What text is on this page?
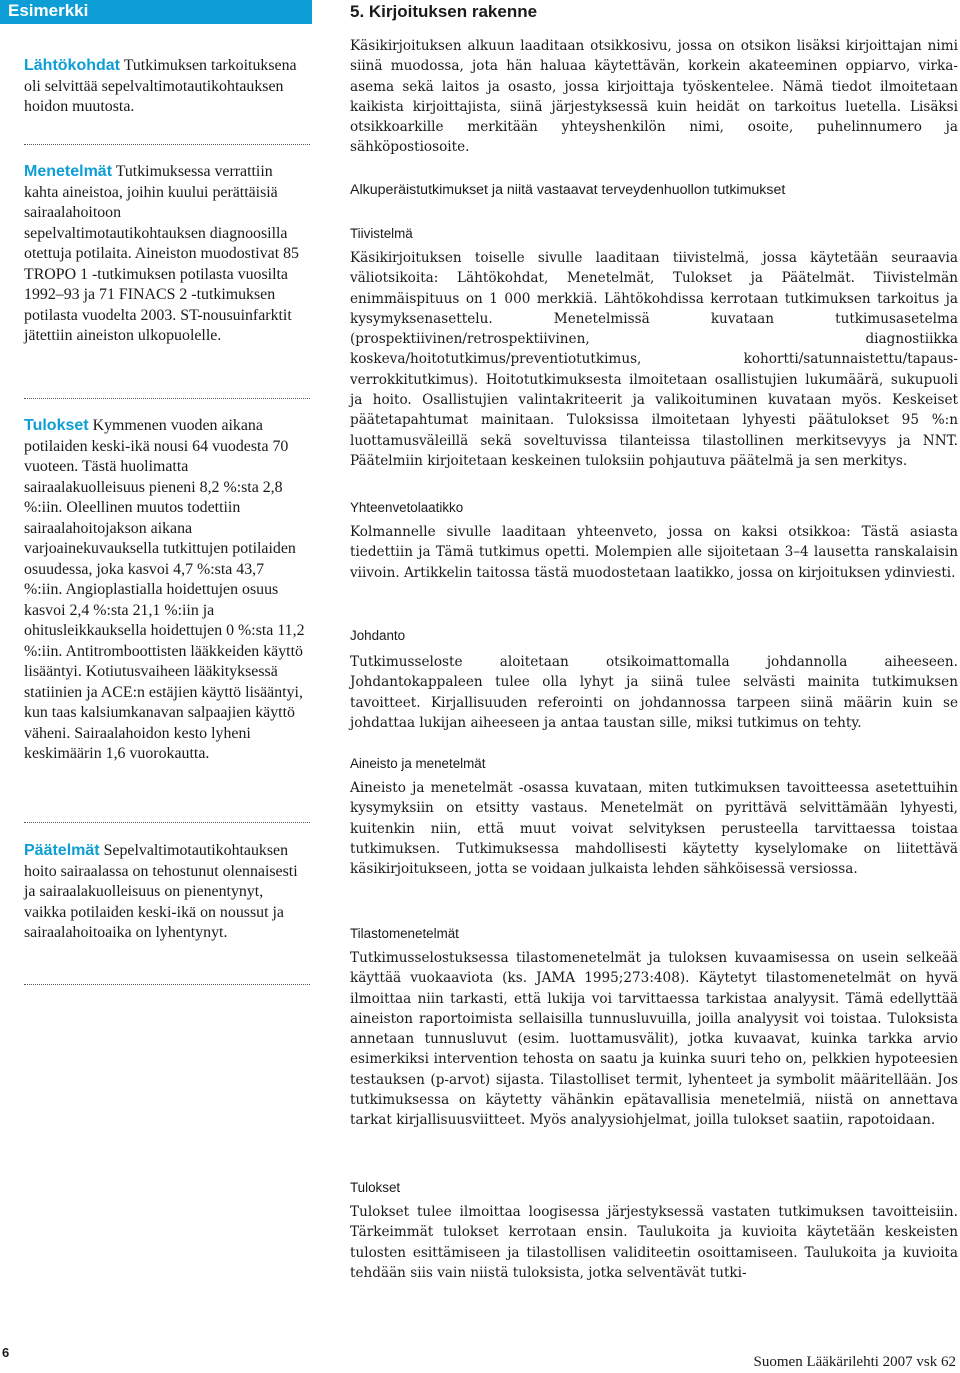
Esimerkki

Lähtökohdat Tutkimuksen tarkoituksena oli selvittää sepelvaltimotautikohtauksen hoidon muutosta.

Menetelmät Tutkimuksessa verrattiin kahta aineistoa, joihin kuului perättäisiä sairaalahoitoon sepelvaltimotautikohtauksen diagnoosilla otettuja potilaita. Aineiston muodostivat 85 TROPO 1 -tutkimuksen potilasta vuosilta 1992–93 ja 71 FINACS 2 -tutkimuksen potilasta vuodelta 2003. ST-nousuinfarktit jätettiin aineiston ulkopuolelle.

Tulokset Kymmenen vuoden aikana potilaiden keski-ikä nousi 64 vuodesta 70 vuoteen. Tästä huolimatta sairaalakuolleisuus pieneni 8,2 %:sta 2,8 %:iin. Oleellinen muutos todettiin sairaalahoitojakson aikana varjoainekuvauksella tutkittujen potilaiden osuudessa, joka kasvoi 4,7 %:sta 43,7 %:iin. Angioplastialla hoidettujen osuus kasvoi 2,4 %:sta 21,1 %:iin ja ohitusleikkauksella hoidettujen 0 %:sta 11,2 %:iin. Antitromboottisten lääkkeiden käyttö lisääntyi. Kotiutusvaiheen lääkityksessä statiinien ja ACE:n estäjien käyttö lisääntyi, kun taas kalsiumkanavan salpaajien käyttö väheni. Sairaalahoidon kesto lyheni keskimäärin 1,6 vuorokautta.

Päätelmät Sepelvaltimotautikohtauksen hoito sairaalassa on tehostunut olennaisesti ja sairaalakuolleisuus on pienentynyt, vaikka potilaiden keski-ikä on noussut ja sairaalahoitoaika on lyhentynyt.

5. Kirjoituksen rakenne

Käsikirjoituksen alkuun laaditaan otsikkosivu, jossa on otsikon lisäksi kirjoittajan nimi siinä muodossa, jota hän haluaa käytettävän, korkein akateeminen oppiarvo, virka-asema sekä laitos ja osasto, jossa kirjoittaja työskentelee. Nämä tiedot ilmoitetaan kaikista kirjoittajista, siinä järjestyksessä kuin heidät on tarkoitus luetella. Lisäksi otsikkoarkille merkitään yhteyshenkilön nimi, osoite, puhelinnumero ja sähköpostiosoite.

Alkuperäistutkimukset ja niitä vastaavat terveydenhuollon tutkimukset
Tiivistelmä

Käsikirjoituksen toiselle sivulle laaditaan tiivistelmä, jossa käytetään seuraavia väliotsikoita: Lähtökohdat, Menetelmät, Tulokset ja Päätelmät. Tiivistelmän enimmäispituus on 1 000 merkkiä. Lähtökohdissa kerrotaan tutkimuksen tarkoitus ja kysymyksenasettelu. Menetelmissä kuvataan tutkimusasetelma (prospektiivinen/retrospektiivinen, diagnostiikka koskeva/hoitotutkimus/preventiotutkimus, kohortti/satunnaistettu/tapaus-verrokkitutkimus). Hoitotutkimuksesta ilmoitetaan osallistujien lukumäärä, sukupuoli ja hoito. Osallistujien valintakriteerit ja valikoituminen kuvataan myös. Keskeiset päätetapahtumat mainitaan. Tuloksissa ilmoitetaan lyhyesti päätulokset 95 %:n luottamusväleillä sekä soveltuvissa tilanteissa tilastollinen merkitsevyys ja NNT. Päätelmiin kirjoitetaan keskeinen tuloksiin pohjautuva päätelmä ja sen merkitys.

Yhteenvetolaatikko

Kolmannelle sivulle laaditaan yhteenveto, jossa on kaksi otsikkoa: Tästä asiasta tiedettiin ja Tämä tutkimus opetti. Molempien alle sijoitetaan 3–4 lausetta ranskalaisin viivoin. Artikkelin taitossa tästä muodostetaan laatikko, jossa on kirjoituksen ydinviesti.

Johdanto

Tutkimusseloste aloitetaan otsikoimattomalla johdannolla aiheeseen. Johdantokappaleen tulee olla lyhyt ja siinä tulee selvästi mainita tutkimuksen tavoitteet. Kirjallisuuden referointi on johdannossa tarpeen siinä määrin kuin se johdattaa lukijan aiheeseen ja antaa taustan sille, miksi tutkimus on tehty.

Aineisto ja menetelmät

Aineisto ja menetelmät -osassa kuvataan, miten tutkimuksen tavoitteessa asetettuihin kysymyksiin on etsitty vastaus. Menetelmät on pyrittävä selvittämään lyhyesti, kuitenkin niin, että muut voivat selvityksen perusteella tarvittaessa toistaa tutkimuksen. Tutkimuksessa mahdollisesti käytetty kyselylomake on liitettävä käsikirjoitukseen, jotta se voidaan julkaista lehden sähköisessä versiossa.

Tilastomenetelmät

Tutkimusselostuksessa tilastomenetelmät ja tuloksen kuvaamisessa on usein selkeää käyttää vuokaaviota (ks. JAMA 1995;273:408). Käytetyt tilastomenetelmät on hyvä ilmoittaa niin tarkasti, että lukija voi tarvittaessa tarkistaa analyysit. Tämä edellyttää aineiston raportoimista sellaisilla tunnusluvuilla, joilla analyysit voi toistaa. Tuloksista annetaan tunnusluvut (esim. luottamusvälit), jotka kuvaavat, kuinka tarkka arvio esimerkiksi intervention tehosta on saatu ja kuinka suuri teho on, pelkkien hypoteesien testauksen (p-arvot) sijasta. Tilastolliset termit, lyhenteet ja symbolit määritellään. Jos tutkimuksessa on käytetty vähänkin epätavallisia menetelmiä, niistä on annettava tarkat kirjallisuusviitteet. Myös analyysiohjelmat, joilla tulokset saatiin, rapotoidaan.

Tulokset

Tulokset tulee ilmoittaa loogisessa järjestyksessä vastaten tutkimuksen tavoitteisiin. Tärkeimmät tulokset kerrotaan ensin. Taulukoita ja kuvioita käytetään keskeisten tulosten esittämiseen ja tilastollisen validiteetin osoittamiseen. Taulukoita ja kuvioita tehdään siis vain niistä tuloksista, jotka selventävät tutki-

6
Suomen Lääkärilehti 2007 vsk 62
